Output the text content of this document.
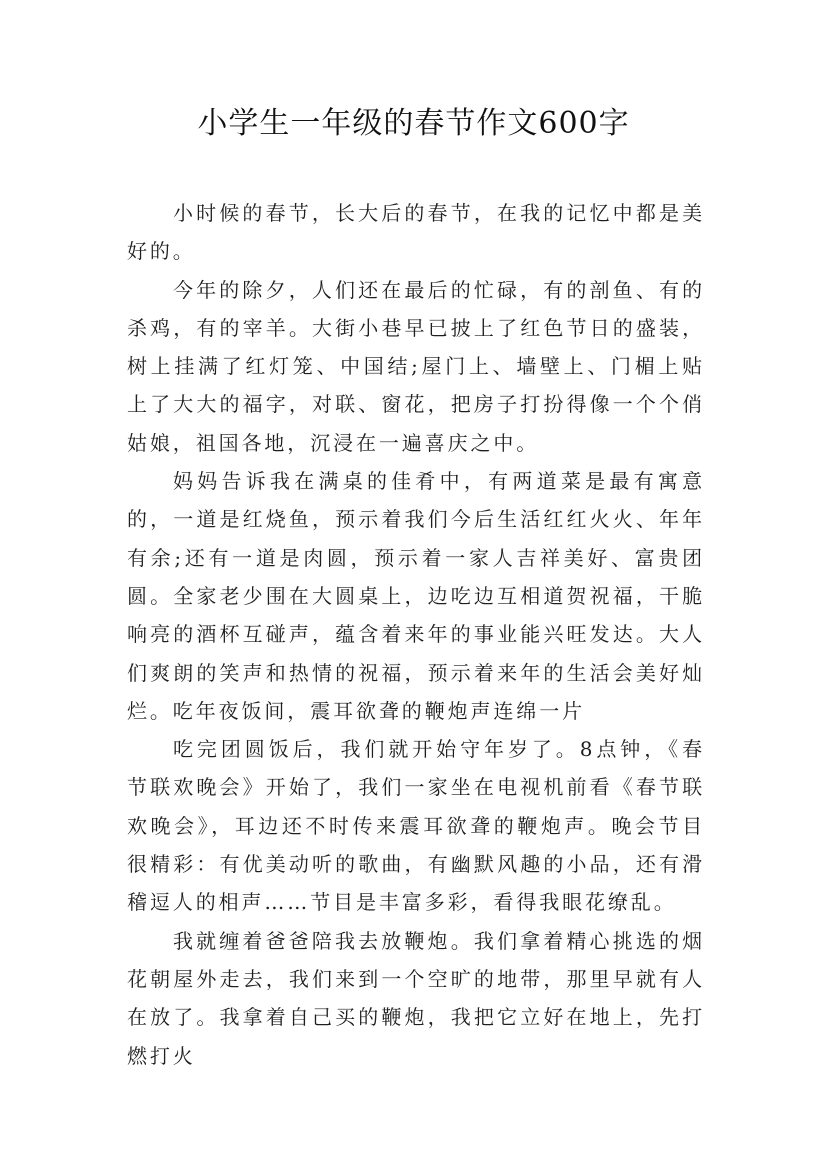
小学生一年级的春节作文600字

小时候的春节，长大后的春节，在我的记忆中都是美好的。

今年的除夕，人们还在最后的忙碌，有的剖鱼、有的杀鸡，有的宰羊。大街小巷早已披上了红色节日的盛装，树上挂满了红灯笼、中国结;屋门上、墙壁上、门楣上贴上了大大的福字，对联、窗花，把房子打扮得像一个个俏姑娘，祖国各地，沉浸在一遍喜庆之中。

妈妈告诉我在满桌的佳肴中，有两道菜是最有寓意的，一道是红烧鱼，预示着我们今后生活红红火火、年年有余;还有一道是肉圆，预示着一家人吉祥美好、富贵团圆。全家老少围在大圆桌上，边吃边互相道贺祝福，干脆响亮的酒杯互碰声，蕴含着来年的事业能兴旺发达。大人们爽朗的笑声和热情的祝福，预示着来年的生活会美好灿烂。吃年夜饭间，震耳欲聋的鞭炮声连绵一片

吃完团圆饭后，我们就开始守年岁了。8点钟，《春节联欢晚会》开始了，我们一家坐在电视机前看《春节联欢晚会》，耳边还不时传来震耳欲聋的鞭炮声。晚会节目很精彩：有优美动听的歌曲，有幽默风趣的小品，还有滑稽逗人的相声……节目是丰富多彩，看得我眼花缭乱。

我就缠着爸爸陪我去放鞭炮。我们拿着精心挑选的烟花朝屋外走去，我们来到一个空旷的地带，那里早就有人在放了。我拿着自己买的鞭炮，我把它立好在地上，先打燃打火
